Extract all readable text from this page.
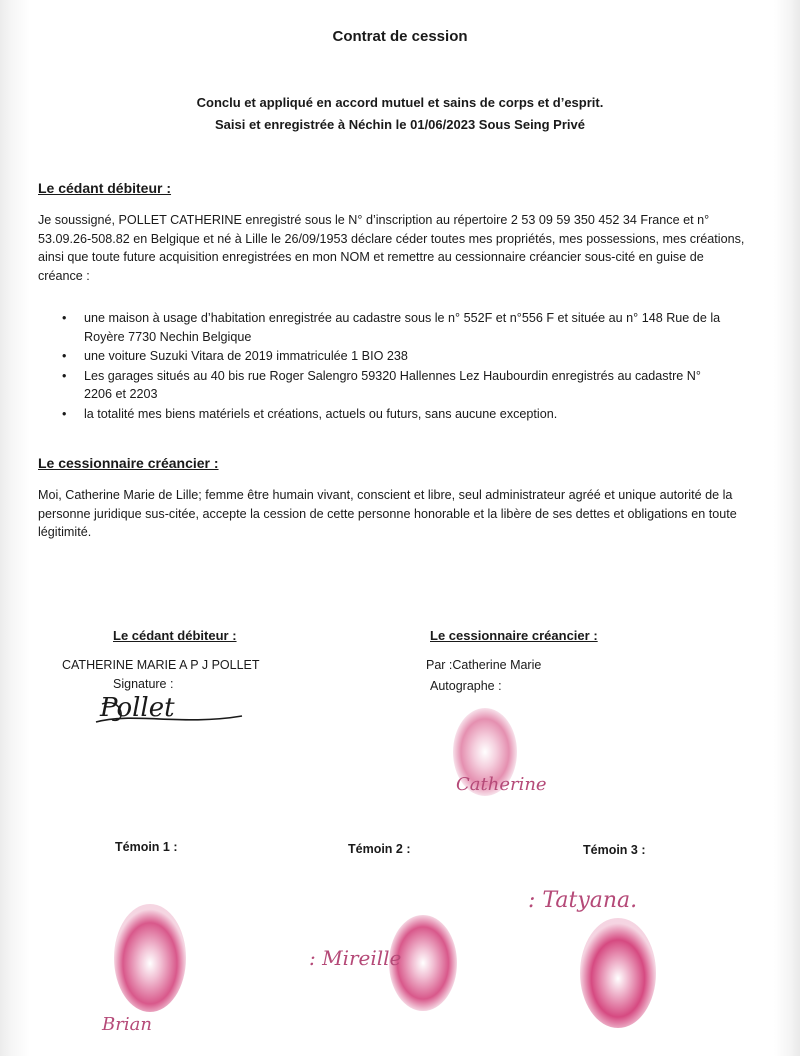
Contrat de cession
Conclu et appliqué en accord mutuel et sains de corps et d’esprit.
Saisi et enregistrée à Néchin le 01/06/2023 Sous Seing Privé
Le cédant débiteur :
Je soussigné, POLLET CATHERINE enregistré sous le N° d’inscription au répertoire 2 53 09 59 350 452 34 France et n° 53.09.26-508.82 en Belgique et né à Lille le 26/09/1953 déclare céder toutes mes propriétés, mes possessions, mes créations, ainsi que toute future acquisition enregistrées en mon NOM et remettre au cessionnaire créancier sous-cité en guise de créance :
• une maison à usage d’habitation enregistrée au cadastre sous le n° 552F et n°556 F et située au n° 148 Rue de la Royère 7730 Nechin Belgique
• une voiture Suzuki Vitara de 2019 immatriculée 1 BIO 238
• Les garages situés au 40 bis rue Roger Salengro 59320 Hallennes Lez Haubourdin enregistrés au cadastre N° 2206 et 2203
• la totalité mes biens matériels et créations, actuels ou futurs, sans aucune exception.
Le cessionnaire créancier :
Moi, Catherine Marie de Lille; femme être humain vivant, conscient et libre, seul administrateur agréé et unique autorité de la personne juridique sus-citée, accepte la cession de cette personne honorable et la libère de ses dettes et obligations en toute légitimité.
Le cédant débiteur :
CATHERINE MARIE A P J POLLET
Signature :
Pollet
Le cessionnaire créancier :
Par :Catherine Marie
Autographe :
Catherine
Témoin 1 :	Témoin 2 :	Témoin 3 :
Brian
: Mireille
: Tatyana.
